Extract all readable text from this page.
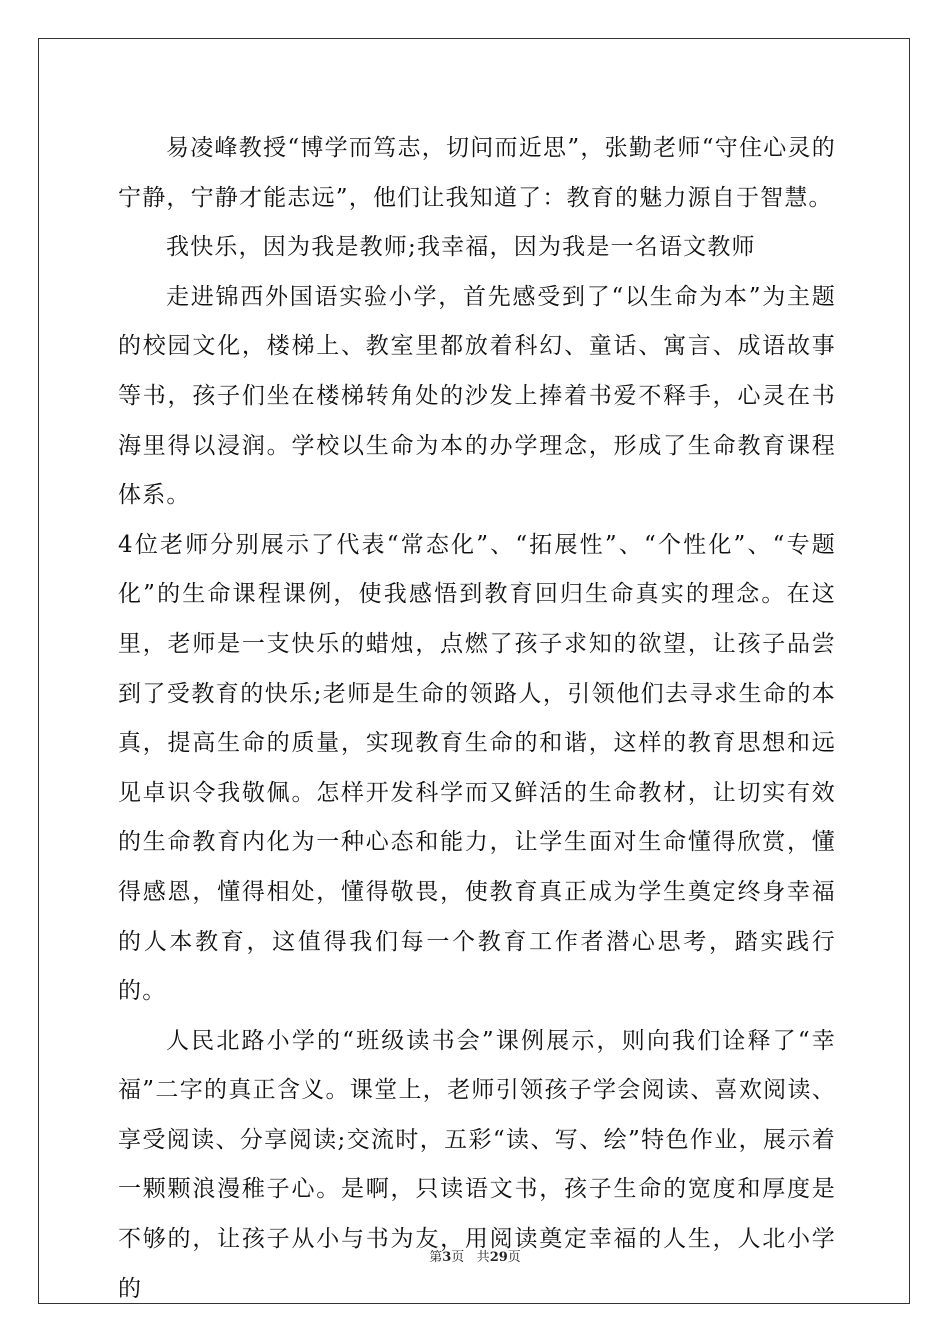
易凌峰教授“博学而笃志，切问而近思”，张勤老师“守住心灵的宁静，宁静才能志远”，他们让我知道了：教育的魅力源自于智慧。

我快乐，因为我是教师;我幸福，因为我是一名语文教师

走进锦西外国语实验小学，首先感受到了“以生命为本”为主题的校园文化，楼梯上、教室里都放着科幻、童话、寓言、成语故事等书，孩子们坐在楼梯转角处的沙发上捧着书爱不释手，心灵在书海里得以浸润。学校以生命为本的办学理念，形成了生命教育课程体系。

4位老师分别展示了代表“常态化”、“拓展性”、“个性化”、“专题化”的生命课程课例，使我感悟到教育回归生命真实的理念。在这里，老师是一支快乐的蜡烛，点燃了孩子求知的欲望，让孩子品尝到了受教育的快乐;老师是生命的领路人，引领他们去寻求生命的本真，提高生命的质量，实现教育生命的和谐，这样的教育思想和远见卓识令我敬佩。怎样开发科学而又鲜活的生命教材，让切实有效的生命教育内化为一种心态和能力，让学生面对生命懂得欣赏，懂得感恩，懂得相处，懂得敬畏，使教育真正成为学生奠定终身幸福的人本教育，这值得我们每一个教育工作者潜心思考，踏实践行的。

人民北路小学的“班级读书会”课例展示，则向我们诠释了“幸福”二字的真正含义。课堂上，老师引领孩子学会阅读、喜欢阅读、享受阅读、分享阅读;交流时，五彩“读、写、绘”特色作业，展示着一颗颗浪漫稚子心。是啊，只读语文书，孩子生命的宽度和厚度是不够的，让孩子从小与书为友，用阅读奠定幸福的人生，人北小学的

第3页 共29页
